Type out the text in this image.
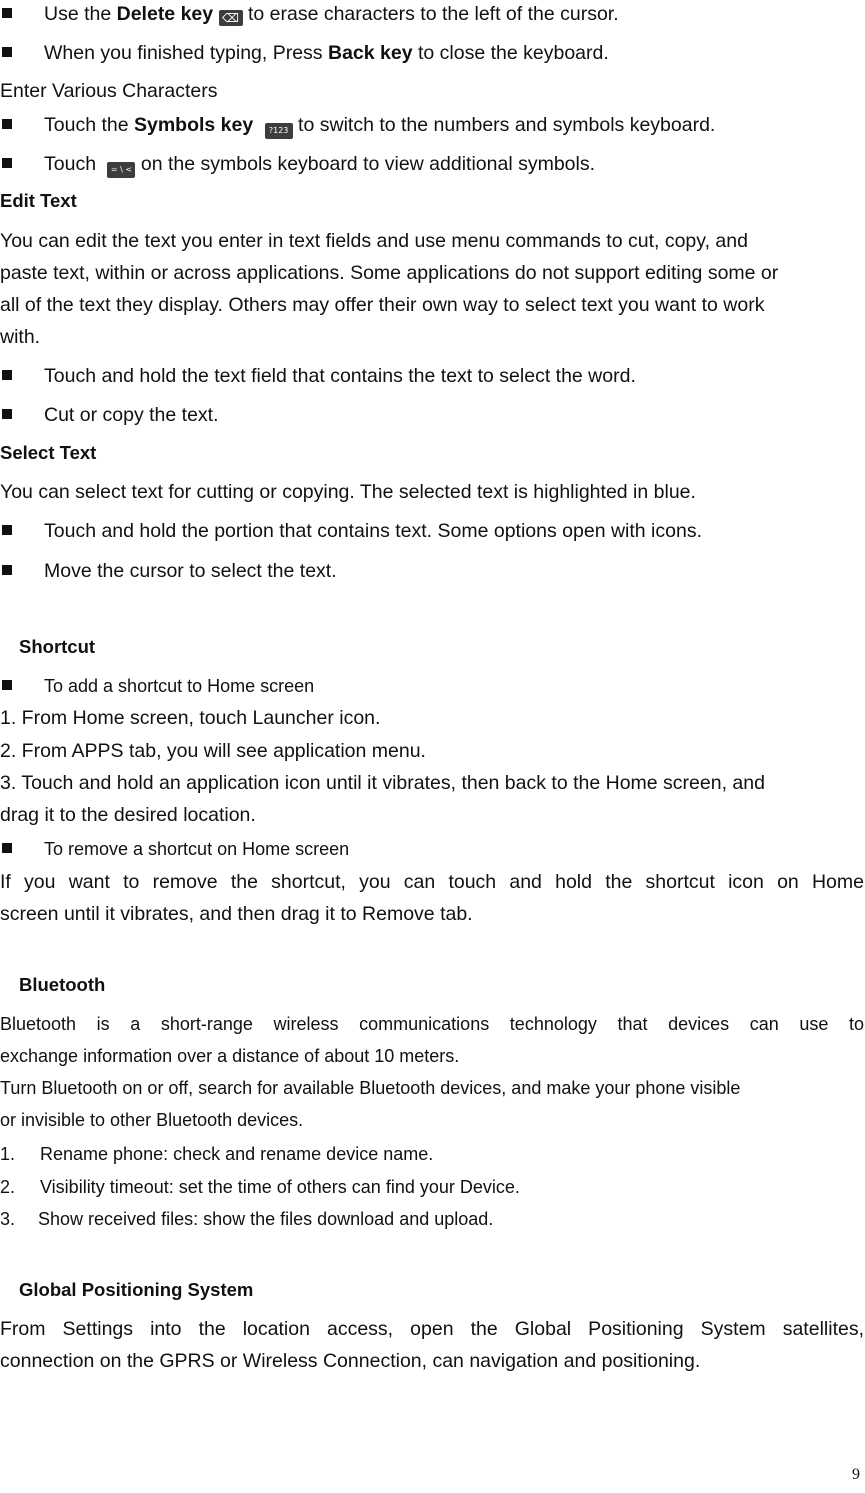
Use the Delete key ⌫ to erase characters to the left of the cursor.
When you finished typing, Press Back key to close the keyboard.
Enter Various Characters
Touch the Symbols key ?123 to switch to the numbers and symbols keyboard.
Touch = \ < on the symbols keyboard to view additional symbols.
Edit Text
You can edit the text you enter in text fields and use menu commands to cut, copy, and
paste text, within or across applications. Some applications do not support editing some or
all of the text they display. Others may offer their own way to select text you want to work
with.
Touch and hold the text field that contains the text to select the word.
Cut or copy the text.
Select Text
You can select text for cutting or copying. The selected text is highlighted in blue.
Touch and hold the portion that contains text. Some options open with icons.
Move the cursor to select the text.
Shortcut
To add a shortcut to Home screen
1. From Home screen, touch Launcher icon.
2. From APPS tab, you will see application menu.
3. Touch and hold an application icon until it vibrates, then back to the Home screen, and
drag it to the desired location.
To remove a shortcut on Home screen
If you want to remove the shortcut, you can touch and hold the shortcut icon on Home
screen until it vibrates, and then drag it to Remove tab.
Bluetooth
Bluetooth is a short-range wireless communications technology that devices can use to
exchange information over a distance of about 10 meters.
Turn Bluetooth on or off, search for available Bluetooth devices, and make your phone visible
or invisible to other Bluetooth devices.
1. Rename phone: check and rename device name.
2. Visibility timeout: set the time of others can find your Device.
3. Show received files: show the files download and upload.
Global Positioning System
From Settings into the location access, open the Global Positioning System satellites,
connection on the GPRS or Wireless Connection, can navigation and positioning.
9
